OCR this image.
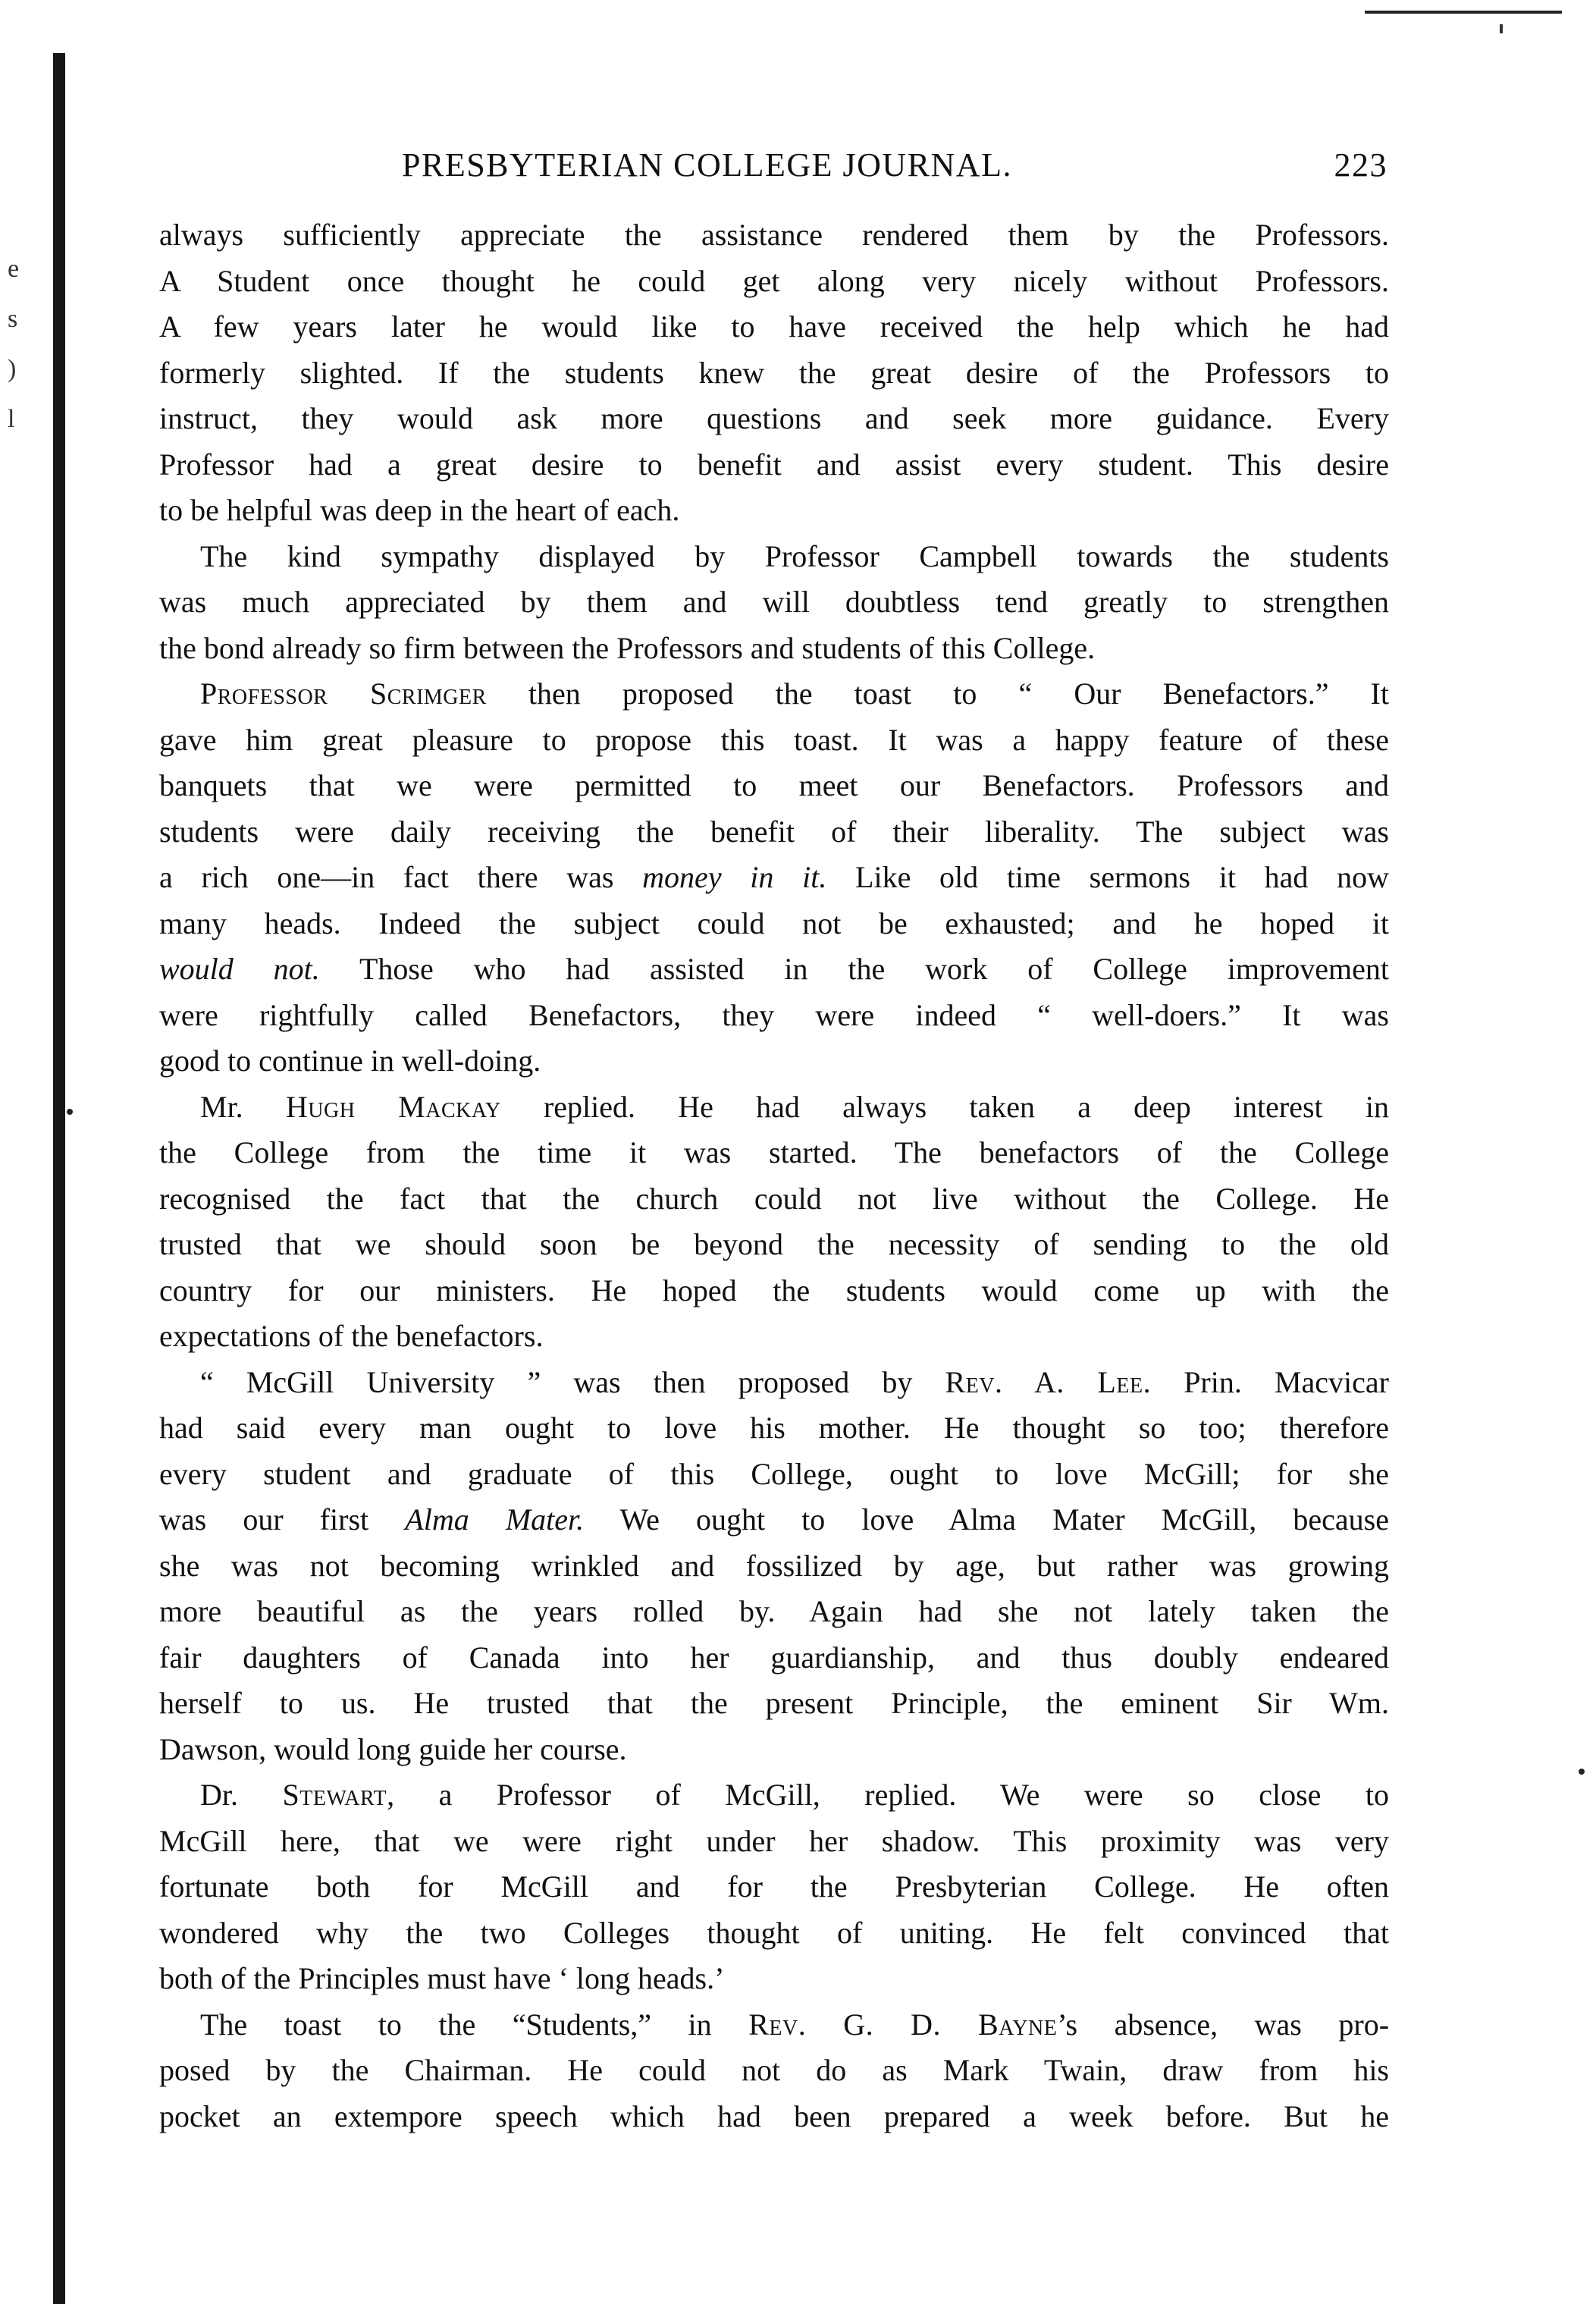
e
s
)
l
PRESBYTERIAN COLLEGE JOURNAL.	223
always sufficiently appreciate the assistance rendered them by the Professors.
A Student once thought he could get along very nicely without Professors.
A few years later he would like to have received the help which he had
formerly slighted. If the students knew the great desire of the Professors to
instruct, they would ask more questions and seek more guidance. Every
Professor had a great desire to benefit and assist every student. This desire
to be helpful was deep in the heart of each.
The kind sympathy displayed by Professor Campbell towards the students
was much appreciated by them and will doubtless tend greatly to strengthen
the bond already so firm between the Professors and students of this College.
Professor Scrimger then proposed the toast to “ Our Benefactors.” It
gave him great pleasure to propose this toast. It was a happy feature of these
banquets that we were permitted to meet our Benefactors. Professors and
students were daily receiving the benefit of their liberality. The subject was
a rich one—in fact there was money in it. Like old time sermons it had now
many heads. Indeed the subject could not be exhausted; and he hoped it
would not. Those who had assisted in the work of College improvement
were rightfully called Benefactors, they were indeed “ well-doers.” It was
good to continue in well-doing.
Mr. Hugh Mackay replied. He had always taken a deep interest in
the College from the time it was started. The benefactors of the College
recognised the fact that the church could not live without the College. He
trusted that we should soon be beyond the necessity of sending to the old
country for our ministers. He hoped the students would come up with the
expectations of the benefactors.
“ McGill University ” was then proposed by Rev. A. Lee. Prin. Macvicar
had said every man ought to love his mother. He thought so too; therefore
every student and graduate of this College, ought to love McGill; for she
was our first Alma Mater. We ought to love Alma Mater McGill, because
she was not becoming wrinkled and fossilized by age, but rather was growing
more beautiful as the years rolled by. Again had she not lately taken the
fair daughters of Canada into her guardianship, and thus doubly endeared
herself to us. He trusted that the present Principle, the eminent Sir Wm.
Dawson, would long guide her course.
Dr. Stewart, a Professor of McGill, replied. We were so close to
McGill here, that we were right under her shadow. This proximity was very
fortunate both for McGill and for the Presbyterian College. He often
wondered why the two Colleges thought of uniting. He felt convinced that
both of the Principles must have ‘ long heads.’
The toast to the “Students,” in Rev. G. D. Bayne’s absence, was pro-
posed by the Chairman. He could not do as Mark Twain, draw from his
pocket an extempore speech which had been prepared a week before. But he
